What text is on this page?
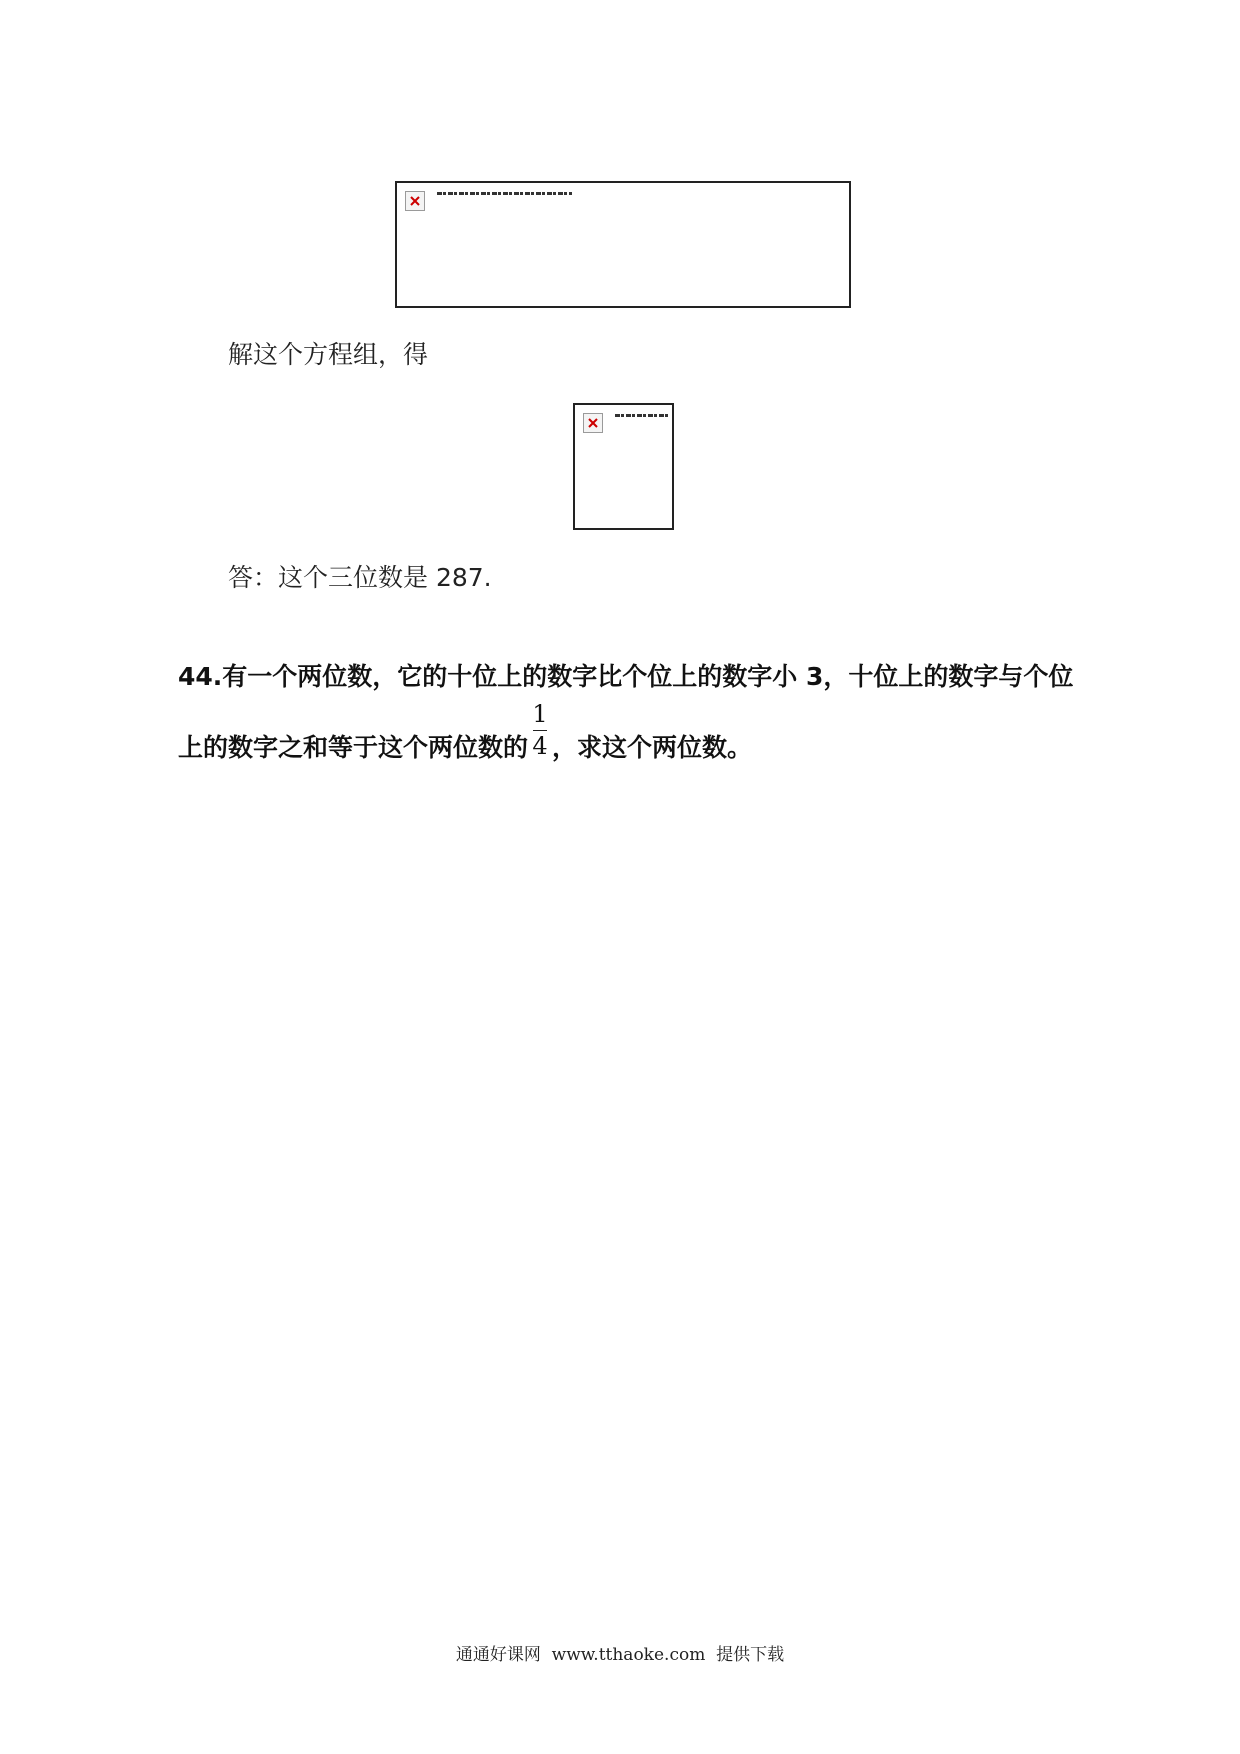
解这个方程组，得
答：这个三位数是 287.
44.有一个两位数，它的十位上的数字比个位上的数字小 3，十位上的数字与个位
上的数字之和等于这个两位数的 $\frac{1}{4}$ ，求这个两位数。
通通好课网 www.tthaoke.com 提供下载
